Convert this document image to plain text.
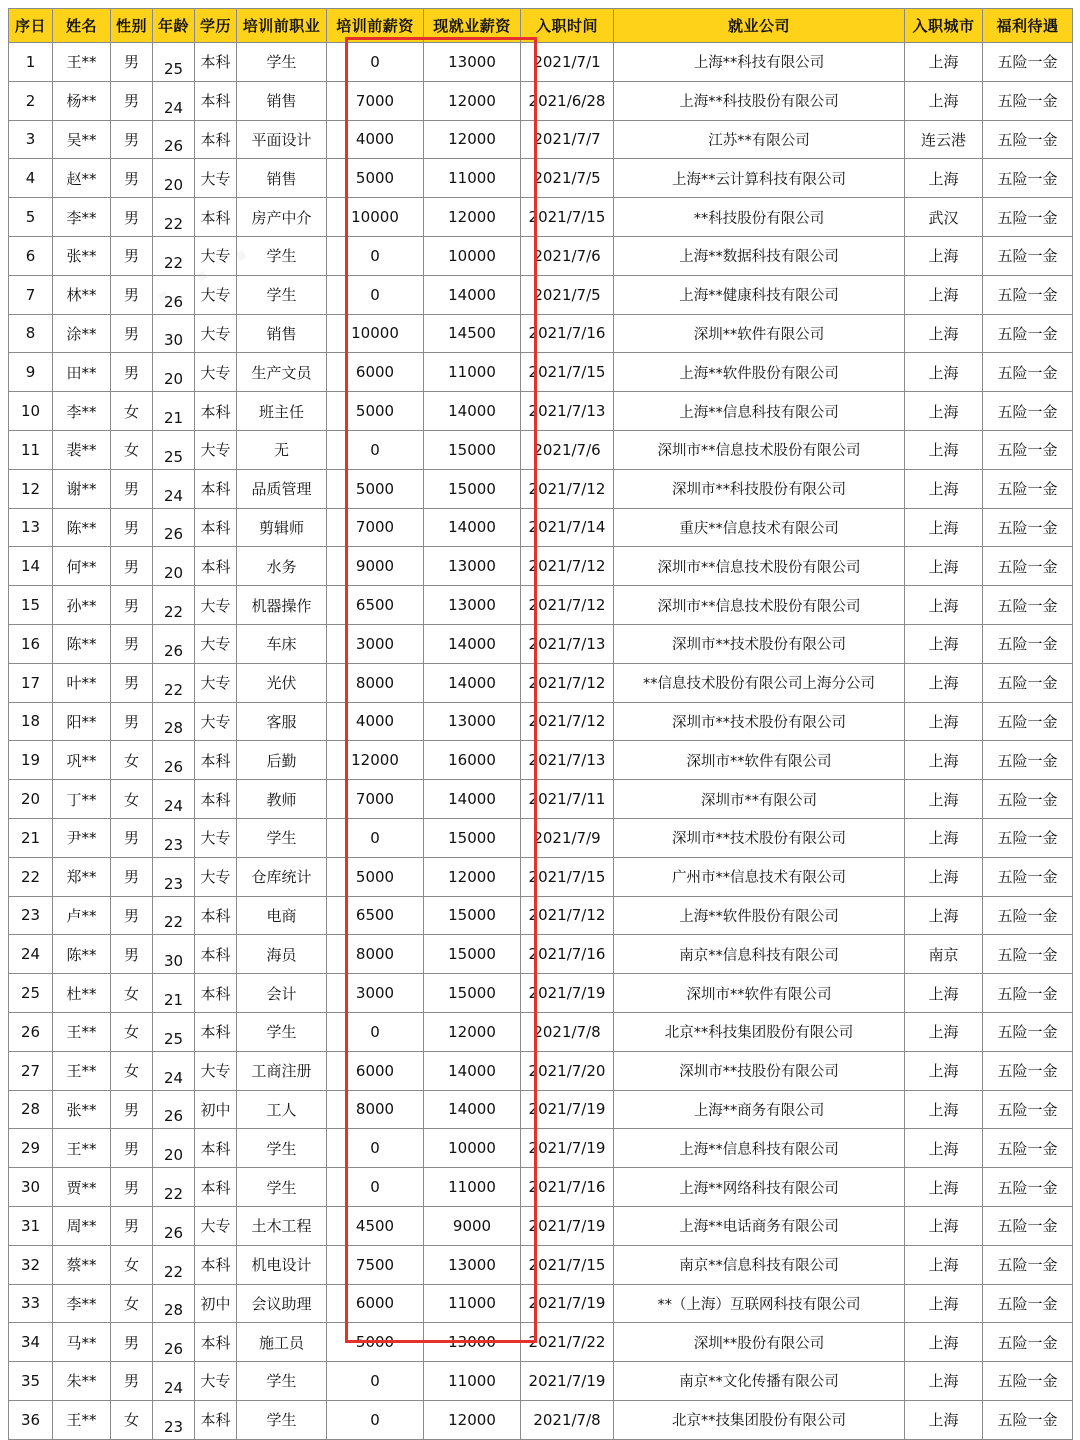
序日	姓名	性别	年龄	学历	培训前职业	培训前薪资	现就业薪资	入职时间	就业公司	入职城市	福利待遇
1	王**	男	25	本科	学生	0	13000	2021/7/1	上海**科技有限公司	上海	五险一金
2	杨**	男	24	本科	销售	7000	12000	2021/6/28	上海**科技股份有限公司	上海	五险一金
3	吴**	男	26	本科	平面设计	4000	12000	2021/7/7	江苏**有限公司	连云港	五险一金
4	赵**	男	20	大专	销售	5000	11000	2021/7/5	上海**云计算科技有限公司	上海	五险一金
5	李**	男	22	本科	房产中介	10000	12000	2021/7/15	**科技股份有限公司	武汉	五险一金
6	张**	男	22	大专	学生	0	10000	2021/7/6	上海**数据科技有限公司	上海	五险一金
7	林**	男	26	大专	学生	0	14000	2021/7/5	上海**健康科技有限公司	上海	五险一金
8	涂**	男	30	大专	销售	10000	14500	2021/7/16	深圳**软件有限公司	上海	五险一金
9	田**	男	20	大专	生产文员	6000	11000	2021/7/15	上海**软件股份有限公司	上海	五险一金
10	李**	女	21	本科	班主任	5000	14000	2021/7/13	上海**信息科技有限公司	上海	五险一金
11	裴**	女	25	大专	无	0	15000	2021/7/6	深圳市**信息技术股份有限公司	上海	五险一金
12	谢**	男	24	本科	品质管理	5000	15000	2021/7/12	深圳市**科技股份有限公司	上海	五险一金
13	陈**	男	26	本科	剪辑师	7000	14000	2021/7/14	重庆**信息技术有限公司	上海	五险一金
14	何**	男	20	本科	水务	9000	13000	2021/7/12	深圳市**信息技术股份有限公司	上海	五险一金
15	孙**	男	22	大专	机器操作	6500	13000	2021/7/12	深圳市**信息技术股份有限公司	上海	五险一金
16	陈**	男	26	大专	车床	3000	14000	2021/7/13	深圳市**技术股份有限公司	上海	五险一金
17	叶**	男	22	大专	光伏	8000	14000	2021/7/12	**信息技术股份有限公司上海分公司	上海	五险一金
18	阳**	男	28	大专	客服	4000	13000	2021/7/12	深圳市**技术股份有限公司	上海	五险一金
19	巩**	女	26	本科	后勤	12000	16000	2021/7/13	深圳市**软件有限公司	上海	五险一金
20	丁**	女	24	本科	教师	7000	14000	2021/7/11	深圳市**有限公司	上海	五险一金
21	尹**	男	23	大专	学生	0	15000	2021/7/9	深圳市**技术股份有限公司	上海	五险一金
22	郑**	男	23	大专	仓库统计	5000	12000	2021/7/15	广州市**信息技术有限公司	上海	五险一金
23	卢**	男	22	本科	电商	6500	15000	2021/7/12	上海**软件股份有限公司	上海	五险一金
24	陈**	男	30	本科	海员	8000	15000	2021/7/16	南京**信息科技有限公司	南京	五险一金
25	杜**	女	21	本科	会计	3000	15000	2021/7/19	深圳市**软件有限公司	上海	五险一金
26	王**	女	25	本科	学生	0	12000	2021/7/8	北京**科技集团股份有限公司	上海	五险一金
27	王**	女	24	大专	工商注册	6000	14000	2021/7/20	深圳市**技股份有限公司	上海	五险一金
28	张**	男	26	初中	工人	8000	14000	2021/7/19	上海**商务有限公司	上海	五险一金
29	王**	男	20	本科	学生	0	10000	2021/7/19	上海**信息科技有限公司	上海	五险一金
30	贾**	男	22	本科	学生	0	11000	2021/7/16	上海**网络科技有限公司	上海	五险一金
31	周**	男	26	大专	土木工程	4500	9000	2021/7/19	上海**电话商务有限公司	上海	五险一金
32	蔡**	女	22	本科	机电设计	7500	13000	2021/7/15	南京**信息科技有限公司	上海	五险一金
33	李**	女	28	初中	会议助理	6000	11000	2021/7/19	**（上海）互联网科技有限公司	上海	五险一金
34	马**	男	26	本科	施工员	5000	13000	2021/7/22	深圳**股份有限公司	上海	五险一金
35	朱**	男	24	大专	学生	0	11000	2021/7/19	南京**文化传播有限公司	上海	五险一金
36	王**	女	23	本科	学生	0	12000	2021/7/8	北京**技集团股份有限公司	上海	五险一金
